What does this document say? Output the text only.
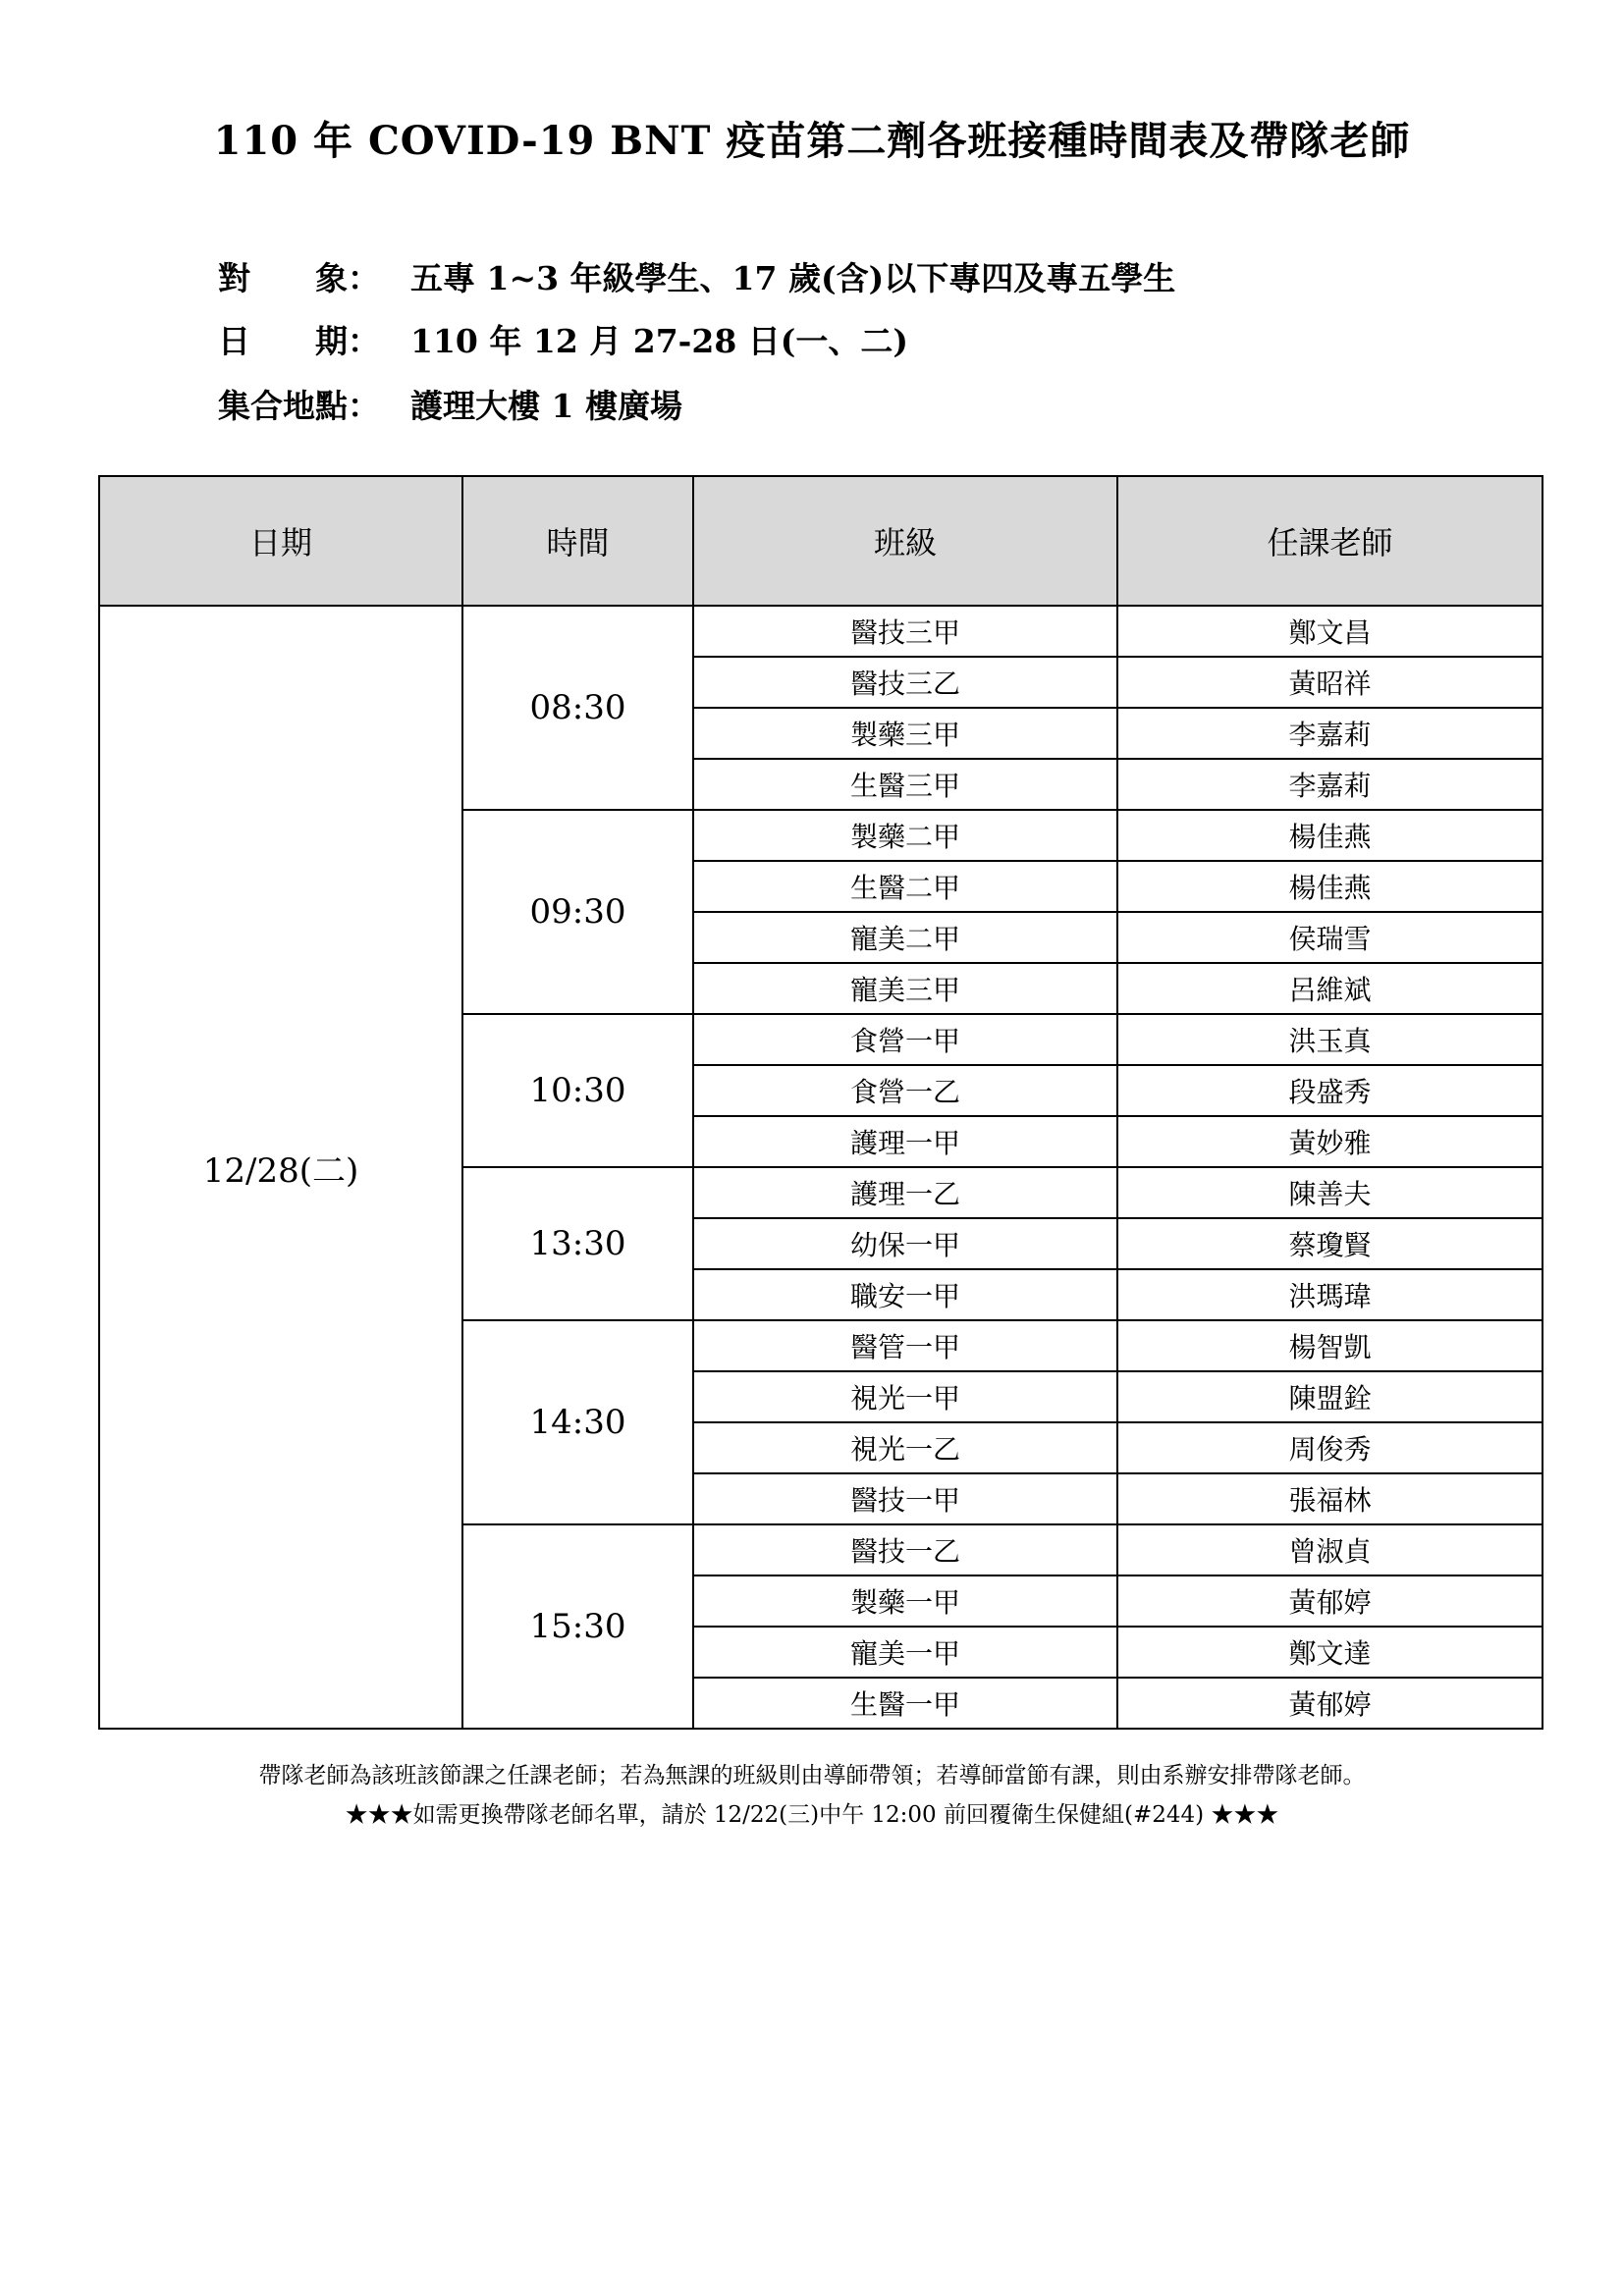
110 年 COVID-19 BNT 疫苗第二劑各班接種時間表及帶隊老師
對　　象： 五專 1~3 年級學生、17 歲(含)以下專四及專五學生
日　　期： 110 年 12 月 27-28 日(一、二)
集合地點： 護理大樓 1 樓廣場
日期	時間	班級	任課老師
12/28(二)	08:30	醫技三甲	鄭文昌
		醫技三乙	黃昭祥
		製藥三甲	李嘉莉
		生醫三甲	李嘉莉
	09:30	製藥二甲	楊佳燕
		生醫二甲	楊佳燕
		寵美二甲	侯瑞雪
		寵美三甲	呂維斌
	10:30	食營一甲	洪玉真
		食營一乙	段盛秀
		護理一甲	黃妙雅
	13:30	護理一乙	陳善夫
		幼保一甲	蔡瓊賢
		職安一甲	洪瑪瑋
	14:30	醫管一甲	楊智凱
		視光一甲	陳盟銓
		視光一乙	周俊秀
		醫技一甲	張福林
	15:30	醫技一乙	曾淑貞
		製藥一甲	黃郁婷
		寵美一甲	鄭文達
		生醫一甲	黃郁婷
帶隊老師為該班該節課之任課老師；若為無課的班級則由導師帶領；若導師當節有課，則由系辦安排帶隊老師。
★★★如需更換帶隊老師名單，請於 12/22(三)中午 12:00 前回覆衛生保健組(#244) ★★★
